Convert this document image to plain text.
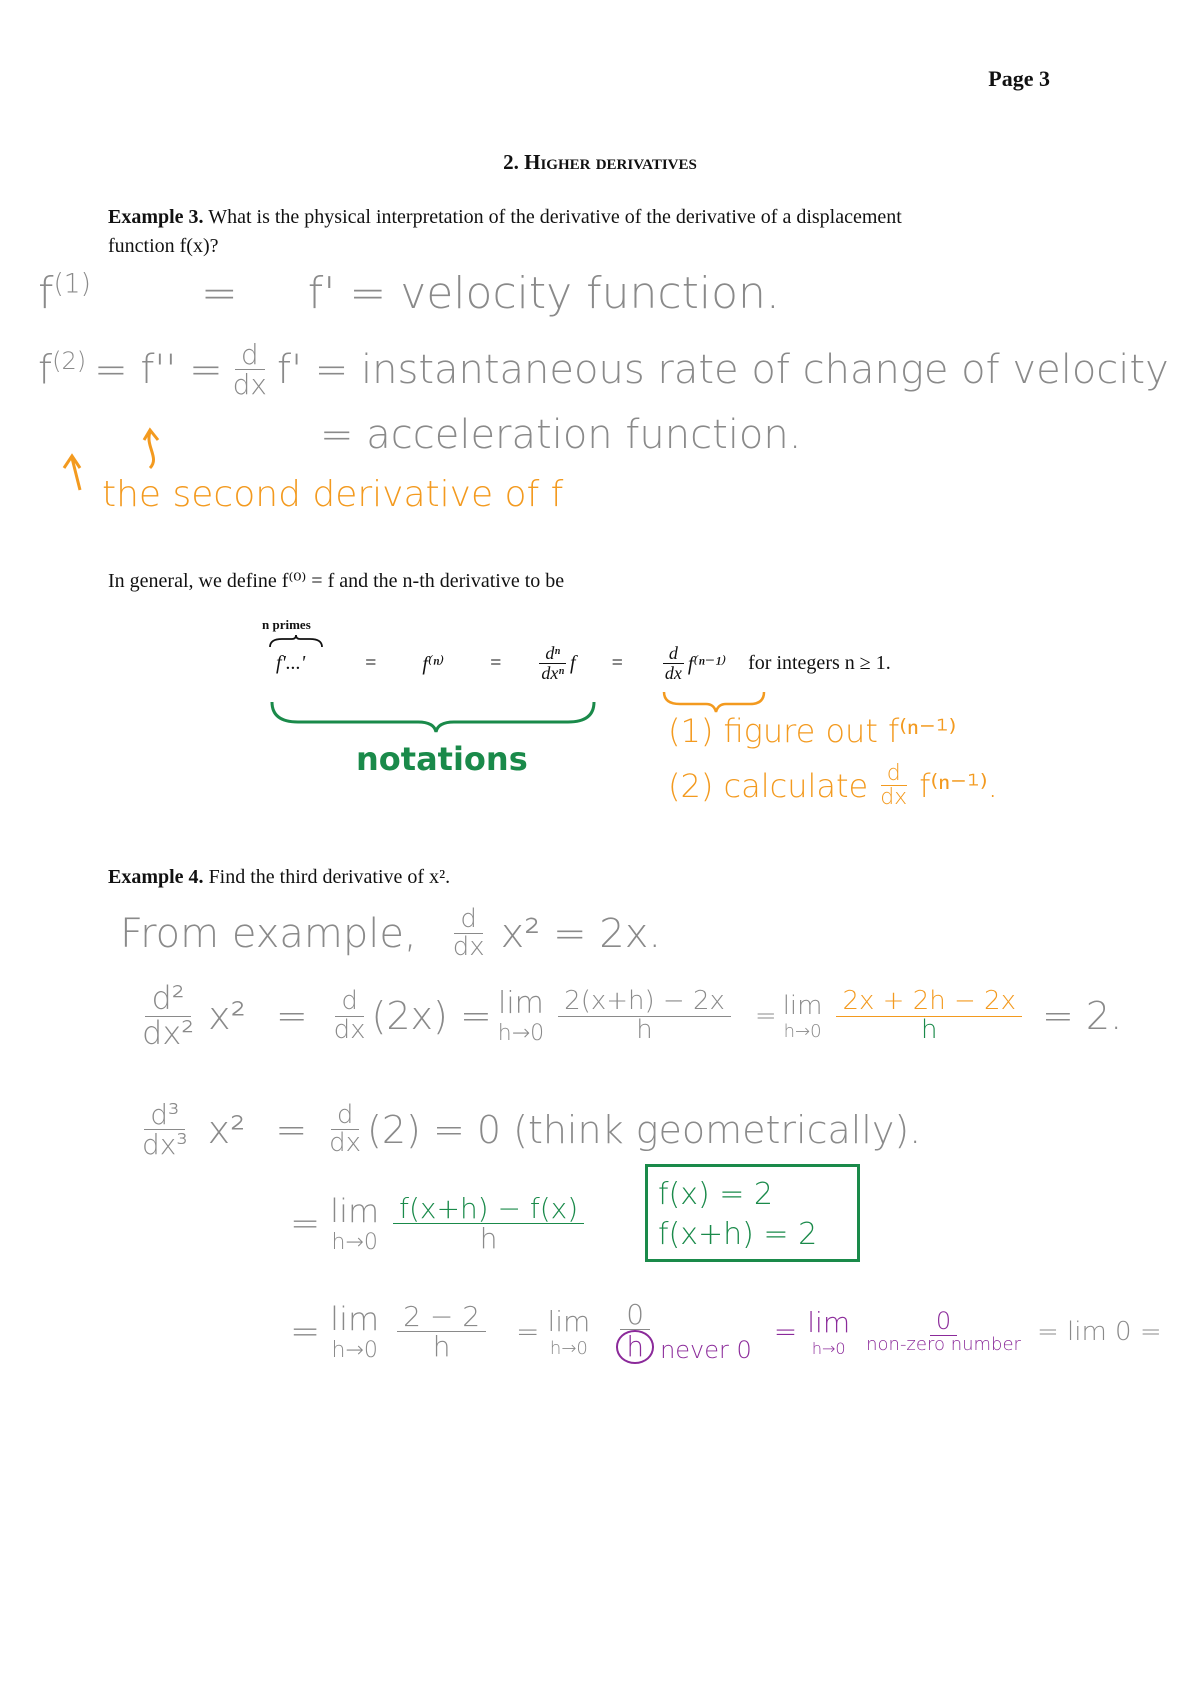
Page 3
2. Higher derivatives
Example 3. What is the physical interpretation of the derivative of the derivative of a displacement
function f(x)?
$f^{(1)}$	= f' = velocity function.
$f^{(2)} = f'' = \frac{d}{dx} f'$ = instantaneous rate of change of velocity
= acceleration function.
the second derivative of f
In general, we define f⁽⁰⁾ = f and the n-th derivative to be
n primes
f'...'	= $f^{(n)} = \frac{\text{dⁿ}}{\text{dxⁿ}}$ $f = \frac{d}{dx} f^{(n-1)}$ for integers n ≥ 1.
notations
(1) figure out f⁽ⁿ⁻¹⁾
(2) calculate $\frac{d}{dx} f^{(n-1)}$.
Example 4. Find the third derivative of x².
From example, $\frac{d}{dx} x^2 = 2x$.
$\frac{\text{d²}}{\text{dx²}} x^2 = \frac{d}{dx} (2x) = \lim$
$h\to 0 \frac{2(x+h) - 2x}{h} = \lim$
$h\to 0 \frac{2x + 2h - 2x}{h} = 2$.
$\frac{\text{d³}}{\text{dx³}} x^2 = \frac{d}{dx} (2) = 0$ (think geometrically).
= lim
$h\to 0 \frac{f(x+h) - f(x)}{h} f(x) = 2$
f(x+h) = 2
= lim
$h\to 0 \frac{2 - 2}{h} = \lim$
$h\to 0 \frac{0}{h}$ never 0
= lim
$h\to 0 \frac{0}{\text{non-zero number}} = \lim 0$ =
